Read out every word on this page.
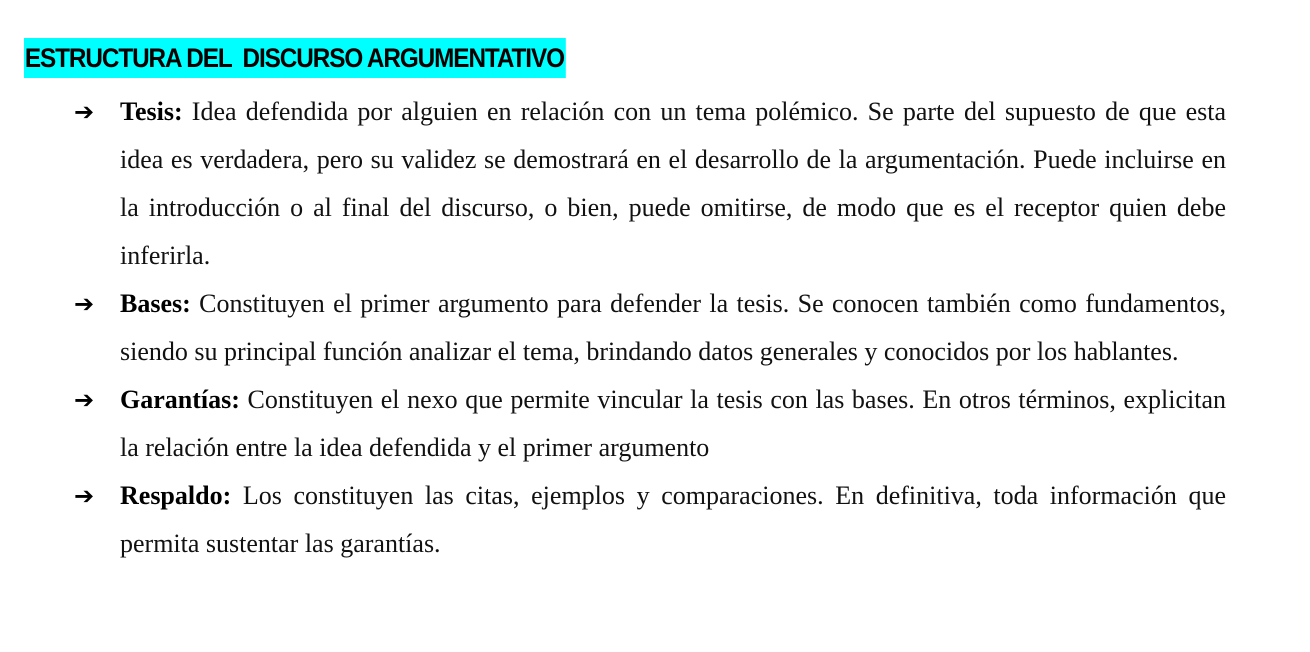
ESTRUCTURA DEL  DISCURSO ARGUMENTATIVO
➔ Tesis: Idea defendida por alguien en relación con un tema polémico. Se parte del supuesto de que esta idea es verdadera, pero su validez se demostrará en el desarrollo de la argumentación. Puede incluirse en la introducción o al final del discurso, o bien, puede omitirse, de modo que es el receptor quien debe inferirla.
➔ Bases: Constituyen el primer argumento para defender la tesis. Se conocen también como fundamentos, siendo su principal función analizar el tema, brindando datos generales y conocidos por los hablantes.
➔ Garantías: Constituyen el nexo que permite vincular la tesis con las bases. En otros términos, explicitan la relación entre la idea defendida y el primer argumento
➔ Respaldo: Los constituyen las citas, ejemplos y comparaciones. En definitiva, toda información que permita sustentar las garantías.
